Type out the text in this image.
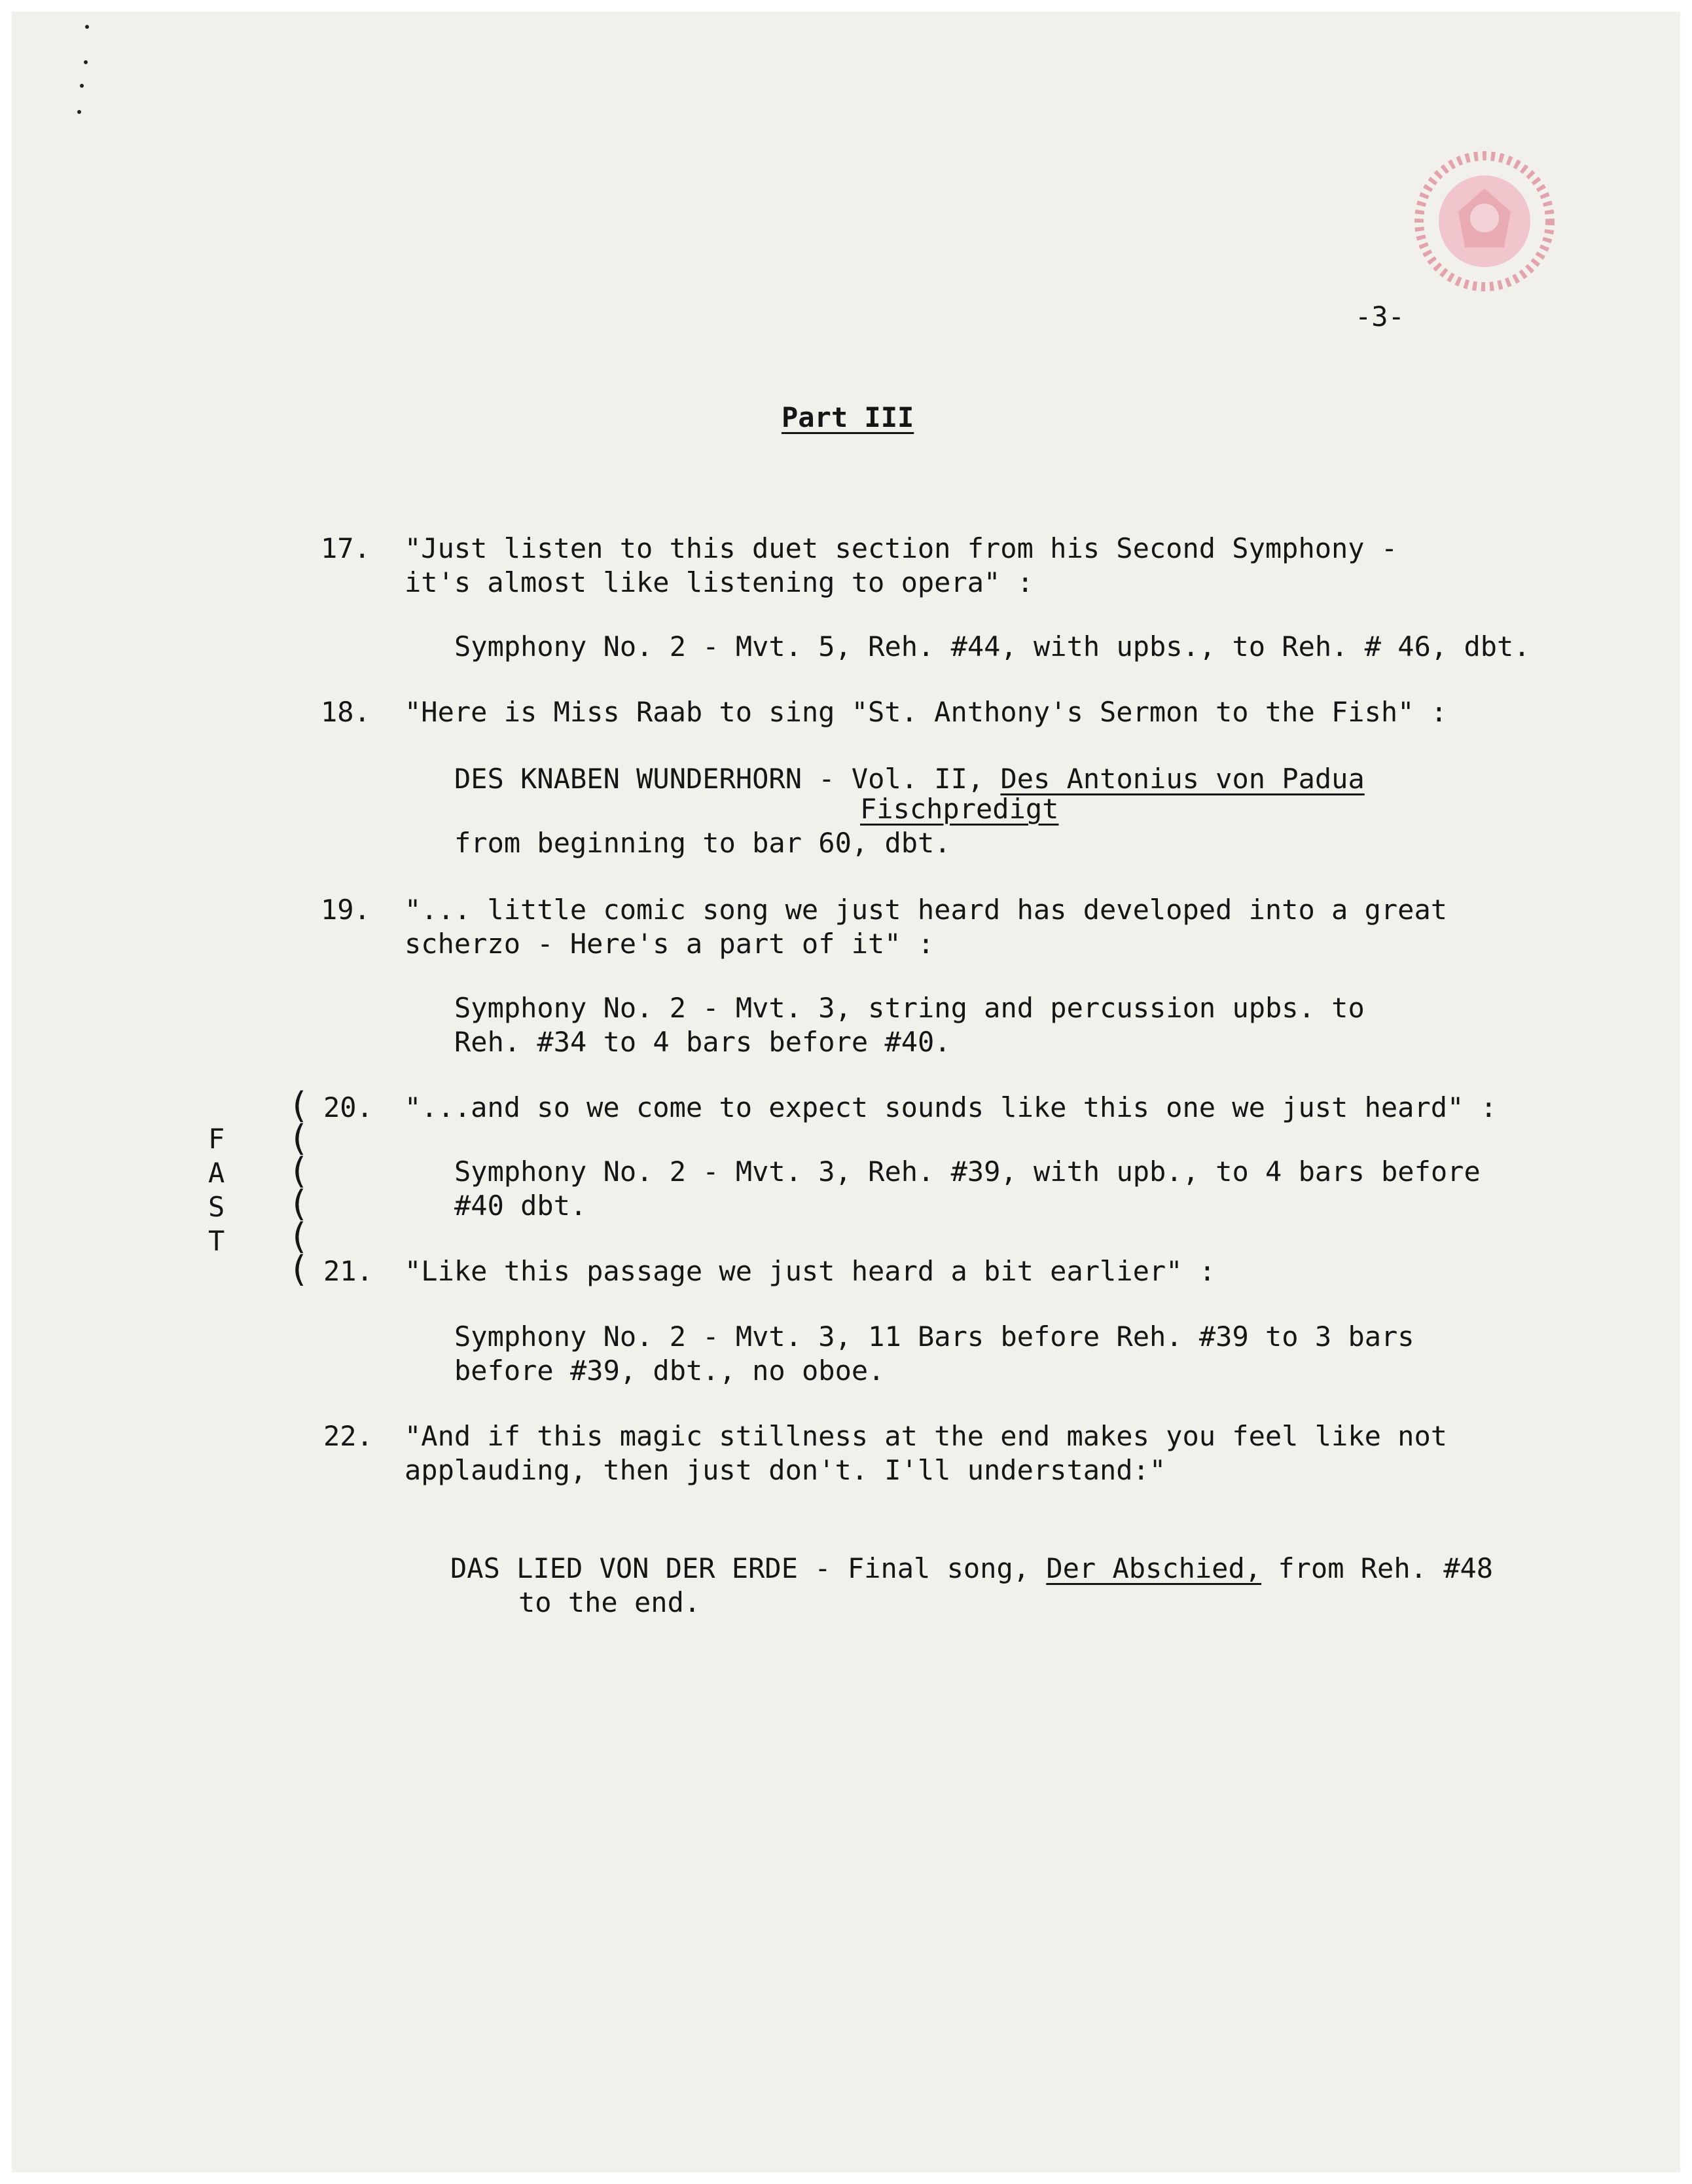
-3-
Part III
17. "Just listen to this duet section from his Second Symphony -
it's almost like listening to opera" :
Symphony No. 2 - Mvt. 5, Reh. #44, with upbs., to Reh. # 46, dbt.
18. "Here is Miss Raab to sing "St. Anthony's Sermon to the Fish" :
DES KNABEN WUNDERHORN - Vol. II, Des Antonius von Padua
Fischpredigt
from beginning to bar 60, dbt.
19. "... little comic song we just heard has developed into a great
scherzo - Here's a part of it" :
Symphony No. 2 - Mvt. 3, string and percussion upbs. to
Reh. #34 to 4 bars before #40.
F
A
S
T
(
(
(
(
(
(
20. "...and so we come to expect sounds like this one we just heard" :
Symphony No. 2 - Mvt. 3, Reh. #39, with upb., to 4 bars before
#40 dbt.
21. "Like this passage we just heard a bit earlier" :
Symphony No. 2 - Mvt. 3, 11 Bars before Reh. #39 to 3 bars
before #39, dbt., no oboe.
22. "And if this magic stillness at the end makes you feel like not
applauding, then just don't. I'll understand:"
DAS LIED VON DER ERDE - Final song, Der Abschied, from Reh. #48
to the end.
